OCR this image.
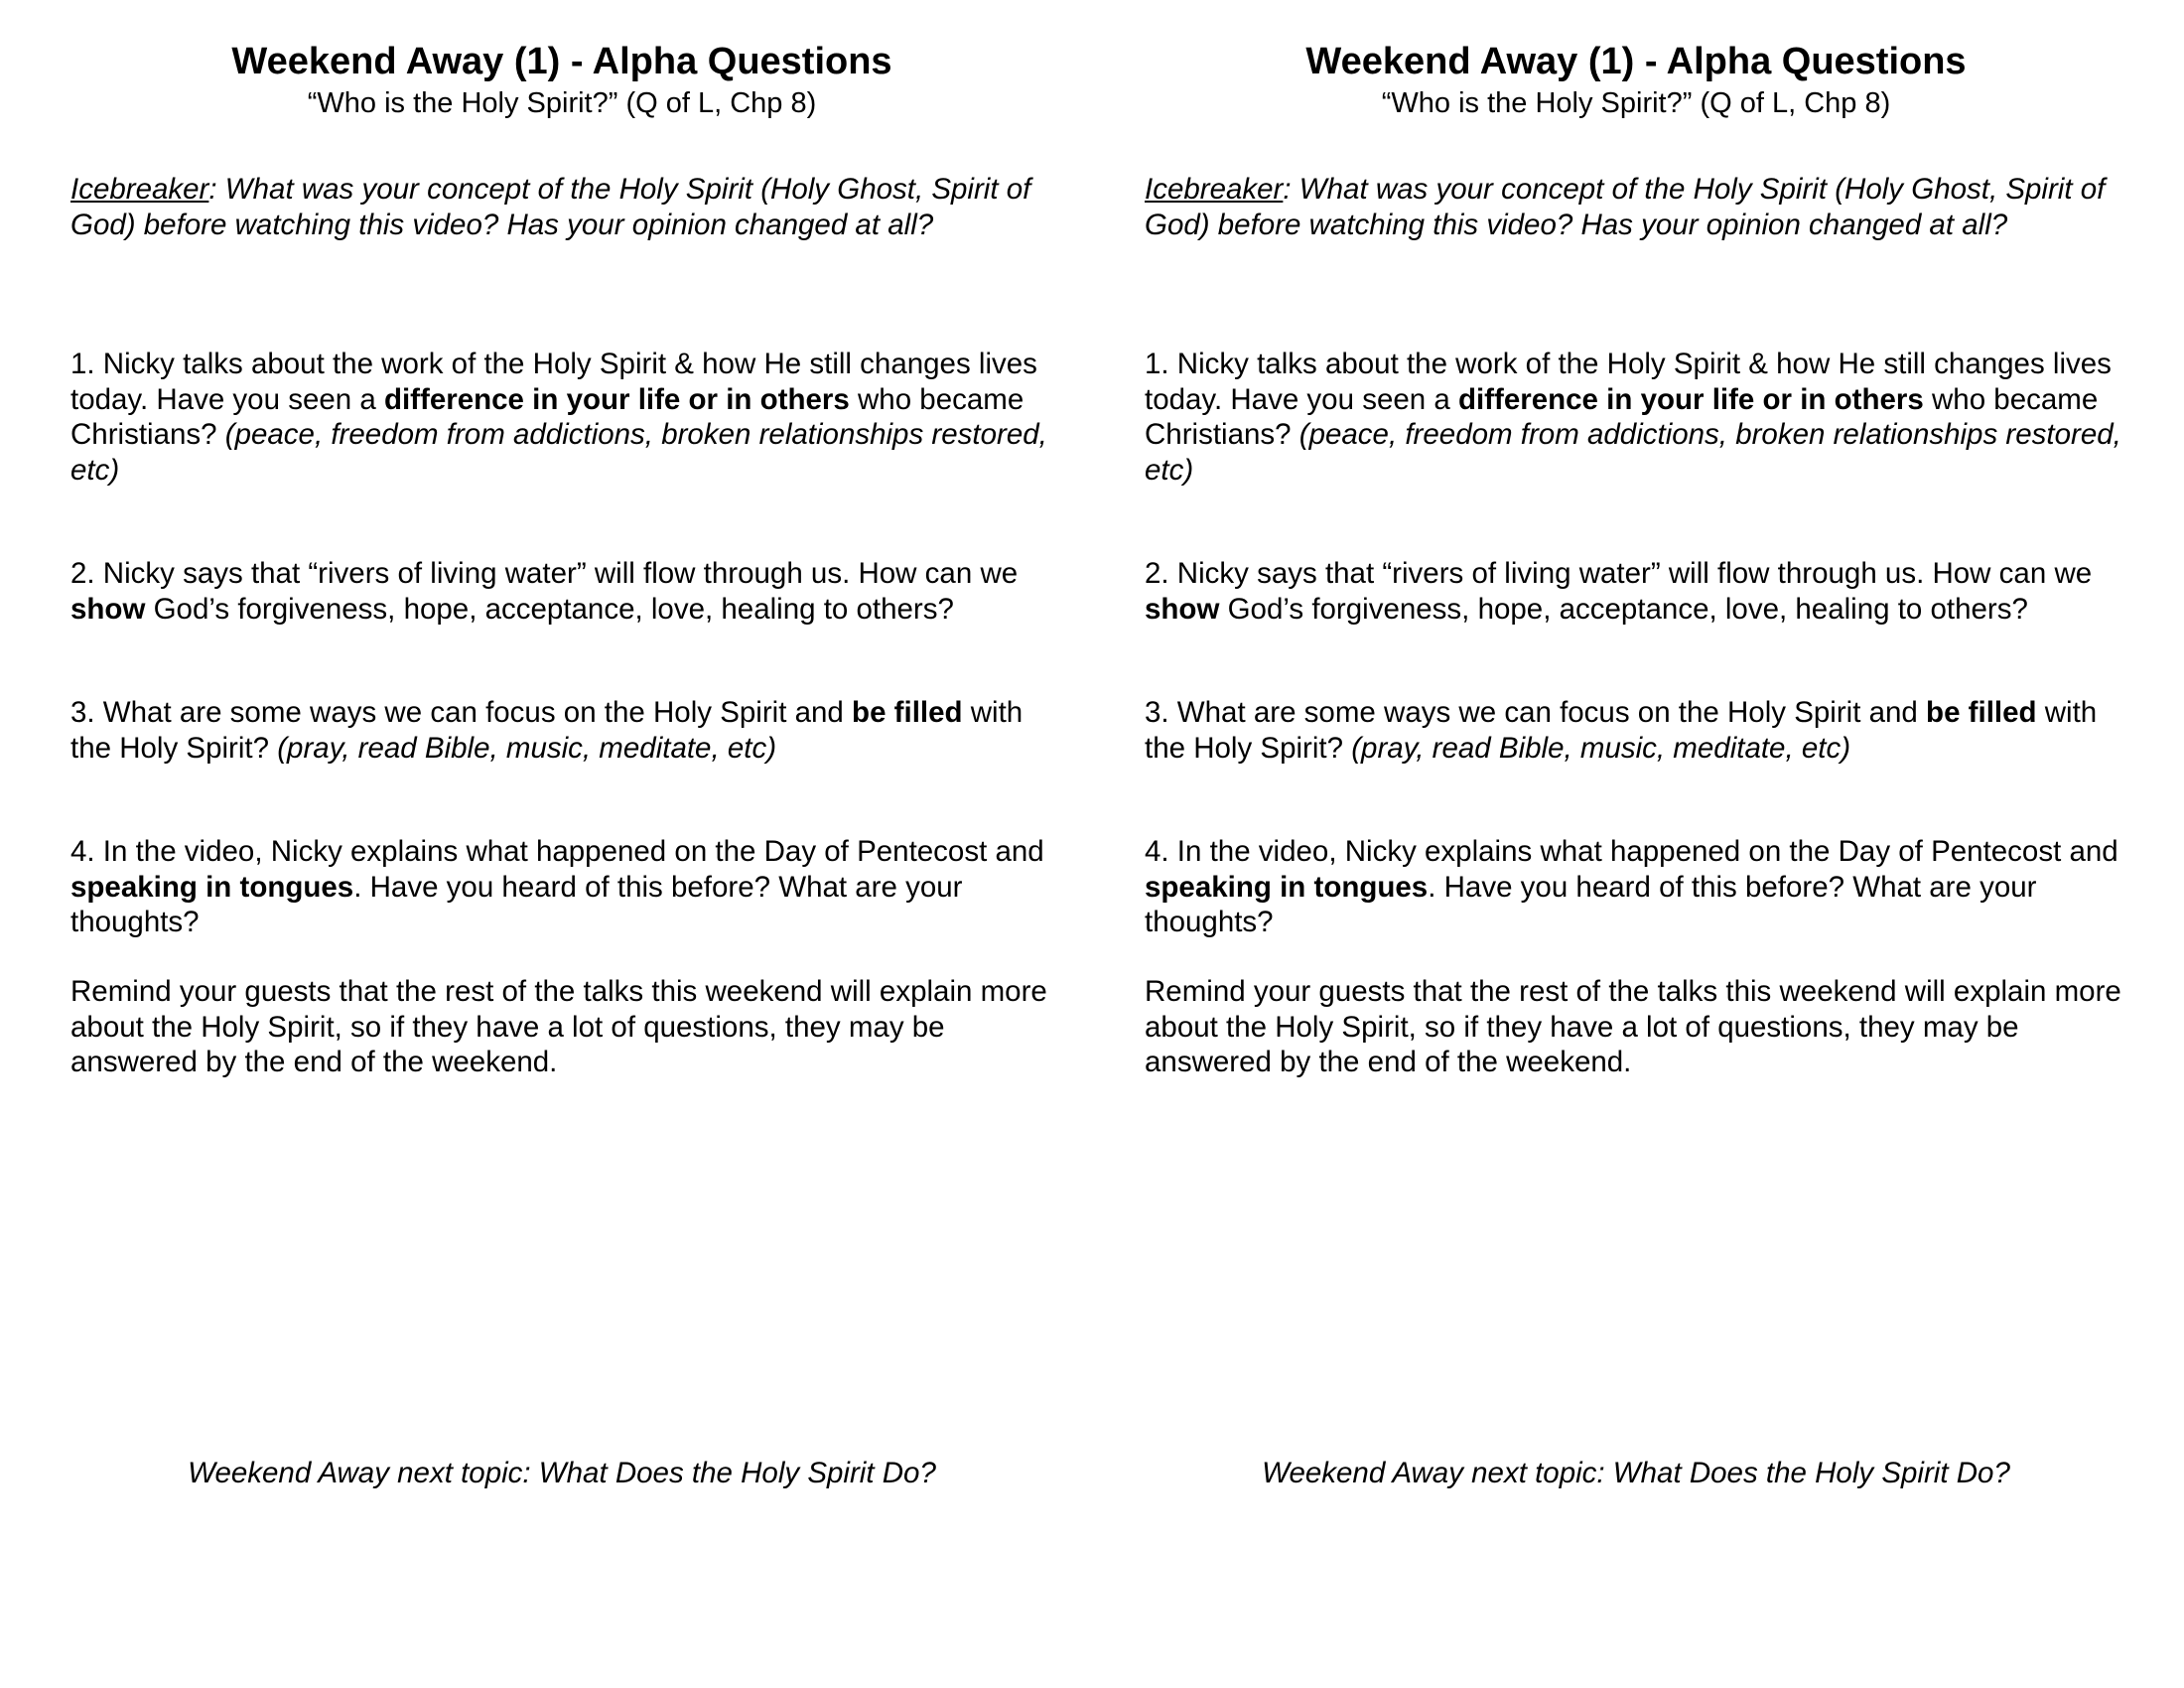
Weekend Away (1) - Alpha Questions
“Who is the Holy Spirit?” (Q of L, Chp 8)
Icebreaker: What was your concept of the Holy Spirit (Holy Ghost, Spirit of God) before watching this video? Has your opinion changed at all?
1. Nicky talks about the work of the Holy Spirit & how He still changes lives today. Have you seen a difference in your life or in others who became Christians? (peace, freedom from addictions, broken relationships restored, etc)
2. Nicky says that “rivers of living water” will flow through us. How can we show God’s forgiveness, hope, acceptance, love, healing to others?
3. What are some ways we can focus on the Holy Spirit and be filled with the Holy Spirit? (pray, read Bible, music, meditate, etc)
4. In the video, Nicky explains what happened on the Day of Pentecost and speaking in tongues. Have you heard of this before? What are your thoughts?
Remind your guests that the rest of the talks this weekend will explain more about the Holy Spirit, so if they have a lot of questions, they may be answered by the end of the weekend.
Weekend Away next topic: What Does the Holy Spirit Do?
Weekend Away (1) - Alpha Questions
“Who is the Holy Spirit?” (Q of L, Chp 8)
Icebreaker: What was your concept of the Holy Spirit (Holy Ghost, Spirit of God) before watching this video? Has your opinion changed at all?
1. Nicky talks about the work of the Holy Spirit & how He still changes lives today. Have you seen a difference in your life or in others who became Christians? (peace, freedom from addictions, broken relationships restored, etc)
2. Nicky says that “rivers of living water” will flow through us. How can we show God’s forgiveness, hope, acceptance, love, healing to others?
3. What are some ways we can focus on the Holy Spirit and be filled with the Holy Spirit? (pray, read Bible, music, meditate, etc)
4. In the video, Nicky explains what happened on the Day of Pentecost and speaking in tongues. Have you heard of this before? What are your thoughts?
Remind your guests that the rest of the talks this weekend will explain more about the Holy Spirit, so if they have a lot of questions, they may be answered by the end of the weekend.
Weekend Away next topic: What Does the Holy Spirit Do?
